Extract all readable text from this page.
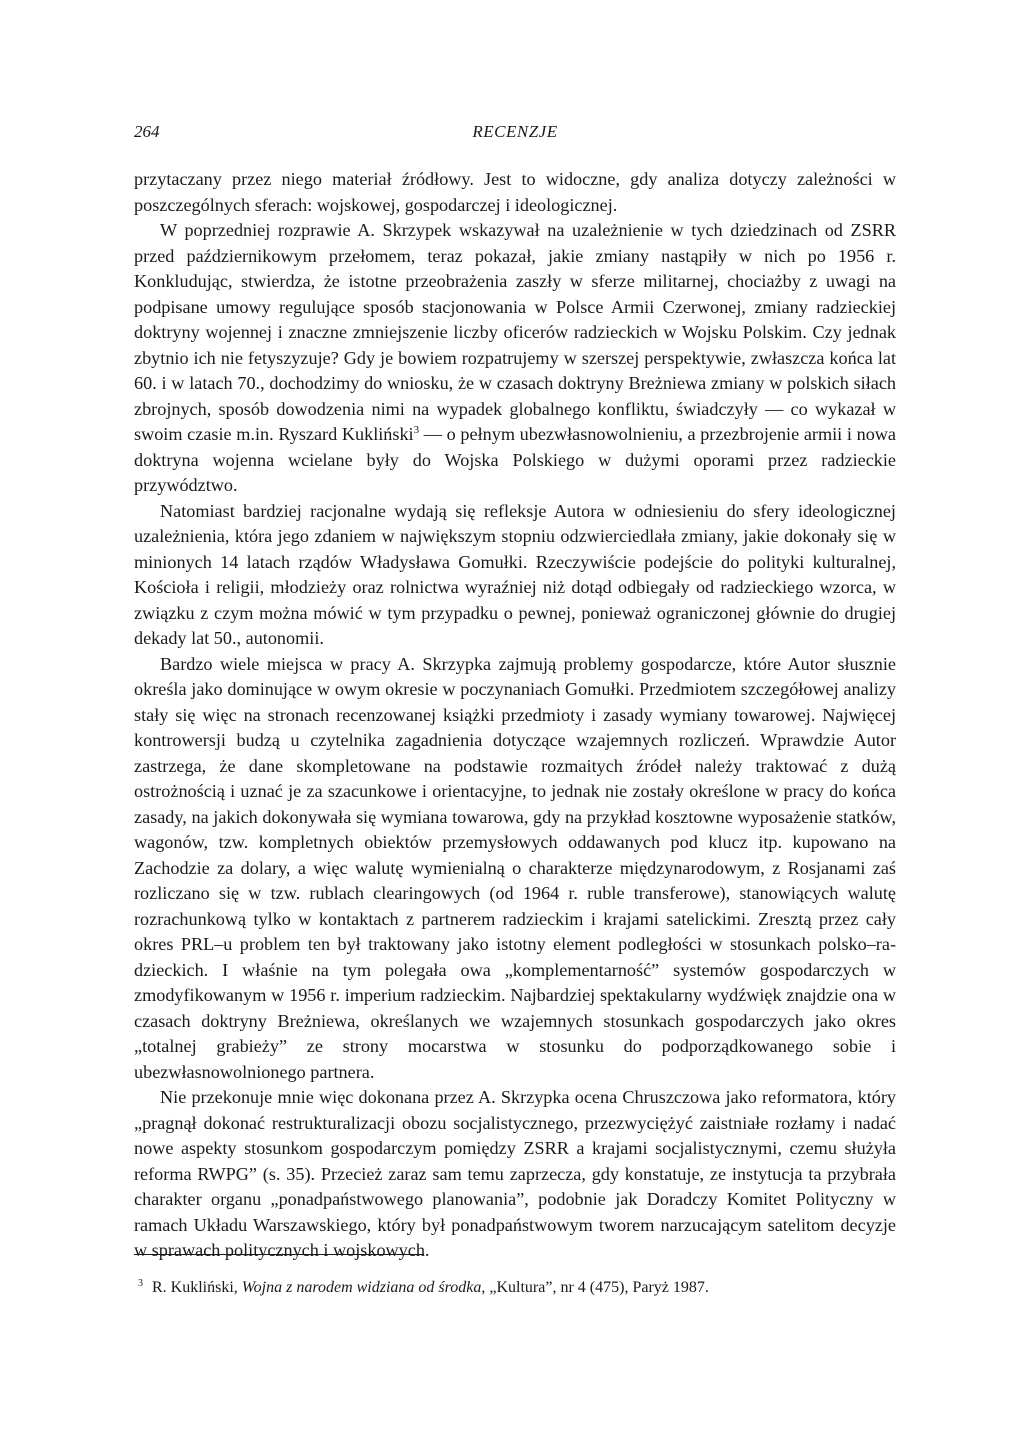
264	RECENZJE

przytaczany przez niego materiał źródłowy. Jest to widoczne, gdy analiza dotyczy zależności w poszczególnych sferach: wojskowej, gospodarczej i ideologicznej.

W poprzedniej rozprawie A. Skrzypek wskazywał na uzależnienie w tych dziedzinach od ZSRR przed październikowym przełomem, teraz pokazał, jakie zmiany nastąpiły w nich po 1956 r. Konkludując, stwierdza, że istotne przeobrażenia zaszły w sferze militarnej, chociażby z uwagi na podpisane umowy regulujące sposób stacjonowania w Polsce Armii Czerwonej, zmiany radzieckiej doktryny wojennej i znaczne zmniejszenie liczby oficerów radzieckich w Wojsku Polskim. Czy jednak zbytnio ich nie fetyszyzuje? Gdy je bowiem rozpatrujemy w szerszej perspektywie, zwłaszcza końca lat 60. i w latach 70., dochodzimy do wniosku, że w czasach doktryny Breżniewa zmiany w polskich siłach zbrojnych, sposób dowodzenia nimi na wypadek globalnego konfliktu, świadczyły — co wykazał w swoim czasie m.in. Ryszard Kukliński$^3$ — o pełnym ubezwłasnowolnieniu, a przezbrojenie armii i nowa doktryna wojenna wcielane były do Wojska Polskiego w dużymi oporami przez radzieckie przywództwo.

Natomiast bardziej racjonalne wydają się refleksje Autora w odniesieniu do sfery ideologicznej uzależnienia, która jego zdaniem w największym stopniu odzwierciedlała zmiany, jakie dokonały się w minionych 14 latach rządów Władysława Gomułki. Rzeczywiście podejście do polityki kulturalnej, Kościoła i religii, młodzieży oraz rolnictwa wyraźniej niż dotąd odbiegały od radzieckiego wzorca, w związku z czym można mówić w tym przypadku o pewnej, ponieważ ograniczonej głównie do drugiej dekady lat 50., autonomii.

Bardzo wiele miejsca w pracy A. Skrzypka zajmują problemy gospodarcze, które Autor słusznie określa jako dominujące w owym okresie w poczynaniach Gomułki. Przedmiotem szczegółowej analizy stały się więc na stronach recenzowanej książki przedmioty i zasady wymiany towarowej. Najwięcej kontrowersji budzą u czytelnika zagadnienia dotyczące wzajemnych rozliczeń. Wprawdzie Autor zastrzega, że dane skompletowane na podstawie rozmaitych źródeł należy traktować z dużą ostrożnością i uznać je za szacunkowe i orientacyjne, to jednak nie zostały określone w pracy do końca zasady, na jakich dokonywała się wymiana towarowa, gdy na przykład kosztowne wyposażenie statków, wagonów, tzw. kompletnych obiektów przemysłowych oddawanych pod klucz itp. kupowano na Zachodzie za dolary, a więc walutę wymienialną o charakterze międzynarodowym, z Rosjanami zaś rozliczano się w tzw. rublach clearingowych (od 1964 r. ruble transferowe), stanowiących walutę rozrachunkową tylko w kontaktach z partnerem radzieckim i krajami satelickimi. Zresztą przez cały okres PRL–u problem ten był traktowany jako istotny element podległości w stosunkach polsko–radzieckich. I właśnie na tym polegała owa „komplementarność” systemów gospodarczych w zmodyfikowanym w 1956 r. imperium radzieckim. Najbardziej spektakularny wydźwięk znajdzie ona w czasach doktryny Breżniewa, określanych we wzajemnych stosunkach gospodarczych jako okres „totalnej grabieży” ze strony mocarstwa w stosunku do podporządkowanego sobie i ubezwłasnowolnionego partnera.

Nie przekonuje mnie więc dokonana przez A. Skrzypka ocena Chruszczowa jako reformatora, który „pragnął dokonać restrukturalizacji obozu socjalistycznego, przezwyciężyć zaistniałe rozłamy i nadać nowe aspekty stosunkom gospodarczym pomiędzy ZSRR a krajami socjalistycznymi, czemu służyła reforma RWPG” (s. 35). Przecież zaraz sam temu zaprzecza, gdy konstatuje, ze instytucja ta przybrała charakter organu „ponadpaństwowego planowania”, podobnie jak Doradczy Komitet Polityczny w ramach Układu Warszawskiego, który był ponadpaństwowym tworem narzucającym satelitom decyzje w sprawach politycznych i wojskowych.

$^3$ R. Kukliński, Wojna z narodem widziana od środka, „Kultura”, nr 4 (475), Paryż 1987.
